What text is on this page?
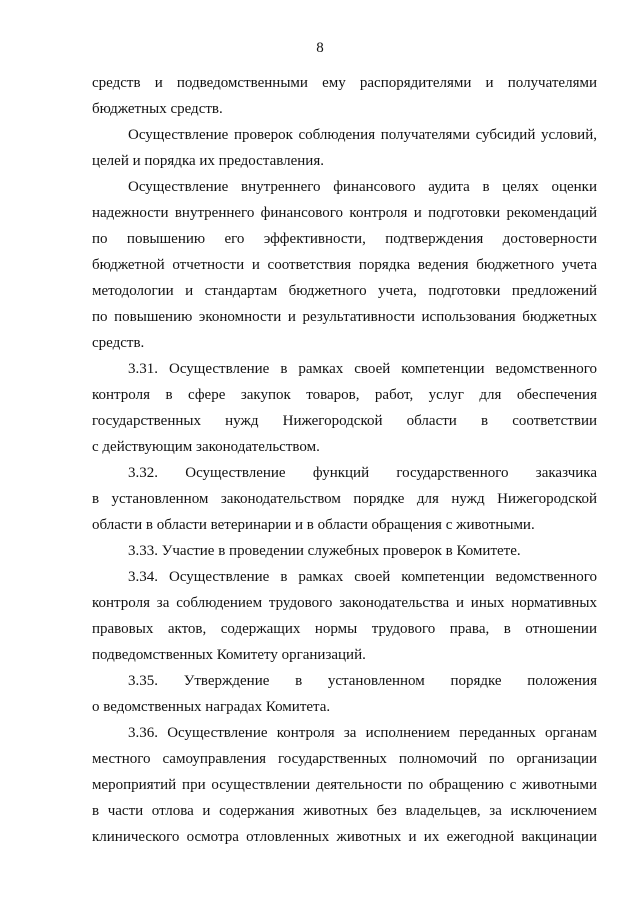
8
средств и подведомственными ему распорядителями и получателями
бюджетных средств.
Осуществление проверок соблюдения получателями субсидий условий,
целей и порядка их предоставления.
Осуществление внутреннего финансового аудита в целях оценки
надежности внутреннего финансового контроля и подготовки рекомендаций
по повышению его эффективности, подтверждения достоверности
бюджетной отчетности и соответствия порядка ведения бюджетного учета
методологии и стандартам бюджетного учета, подготовки предложений
по повышению экономности и результативности использования бюджетных
средств.
3.31. Осуществление в рамках своей компетенции ведомственного
контроля в сфере закупок товаров, работ, услуг для обеспечения
государственных нужд Нижегородской области в соответствии
с действующим законодательством.
3.32. Осуществление функций государственного заказчика
в установленном законодательством порядке для нужд Нижегородской
области в области ветеринарии и в области обращения с животными.
3.33. Участие в проведении служебных проверок в Комитете.
3.34. Осуществление в рамках своей компетенции ведомственного
контроля за соблюдением трудового законодательства и иных нормативных
правовых актов, содержащих нормы трудового права, в отношении
подведомственных Комитету организаций.
3.35. Утверждение в установленном порядке положения
о ведомственных наградах Комитета.
3.36. Осуществление контроля за исполнением переданных органам
местного самоуправления государственных полномочий по организации
мероприятий при осуществлении деятельности по обращению с животными
в части отлова и содержания животных без владельцев, за исключением
клинического осмотра отловленных животных и их ежегодной вакцинации
